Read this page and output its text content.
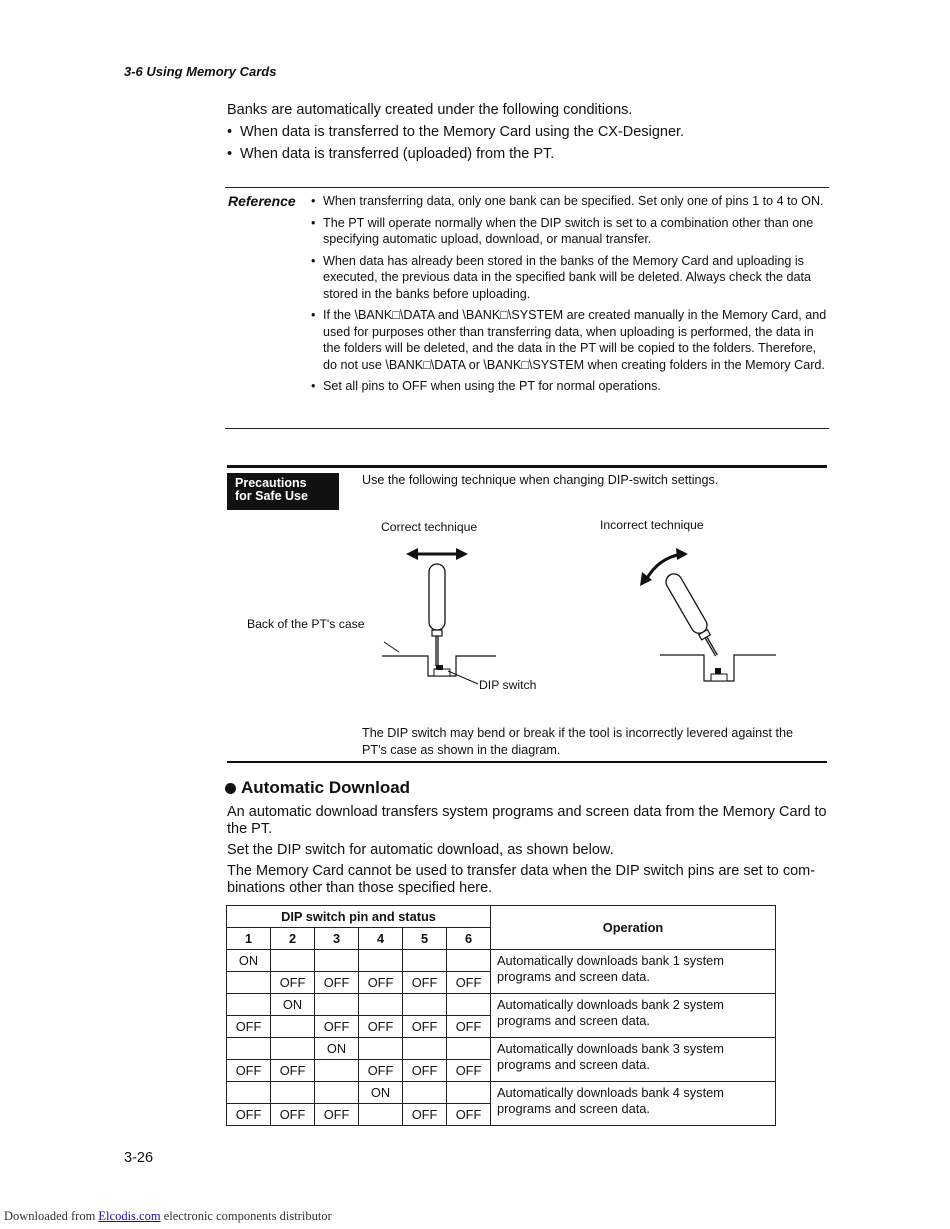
3-6 Using Memory Cards

Banks are automatically created under the following conditions.

• When data is transferred to the Memory Card using the CX-Designer.

• When data is transferred (uploaded) from the PT.

Reference	• When transferring data, only one bank can be specified. Set only one of pins 1 to 4 to ON.
• The PT will operate normally when the DIP switch is set to a combination other than one specifying automatic upload, download, or manual transfer.
• When data has already been stored in the banks of the Memory Card and uploading is executed, the previous data in the specified bank will be deleted. Always check the data stored in the banks before uploading.
• If the \BANK□\DATA and \BANK□\SYSTEM are created manually in the Memory Card, and used for purposes other than transferring data, when uploading is performed, the data in the folders will be deleted, and the data in the PT will be copied to the folders. Therefore, do not use \BANK□\DATA or \BANK□\SYSTEM when creating folders in the Memory Card.
• Set all pins to OFF when using the PT for normal operations.
Precautions
for Safe Use
Use the following technique when changing DIP-switch settings.
Correct technique	Incorrect technique
Back of the PT's case
DIP switch
The DIP switch may bend or break if the tool is incorrectly levered against the PT's case as shown in the diagram.
Automatic Download

An automatic download transfers system programs and screen data from the Memory Card to the PT.

Set the DIP switch for automatic download, as shown below.

The Memory Card cannot be used to transfer data when the DIP switch pins are set to com-binations other than those specified here.

DIP switch pin and status						Operation
1	2	3	4	5	6	
ON						Automatically downloads bank 1 system programs and screen data.
	OFF	OFF	OFF	OFF	OFF	
	ON					Automatically downloads bank 2 system programs and screen data.
OFF		OFF	OFF	OFF	OFF	
		ON				Automatically downloads bank 3 system programs and screen data.
OFF	OFF		OFF	OFF	OFF	
			ON			Automatically downloads bank 4 system programs and screen data.
OFF	OFF	OFF		OFF	OFF	
3-26
Downloaded from Elcodis.com electronic components distributor
